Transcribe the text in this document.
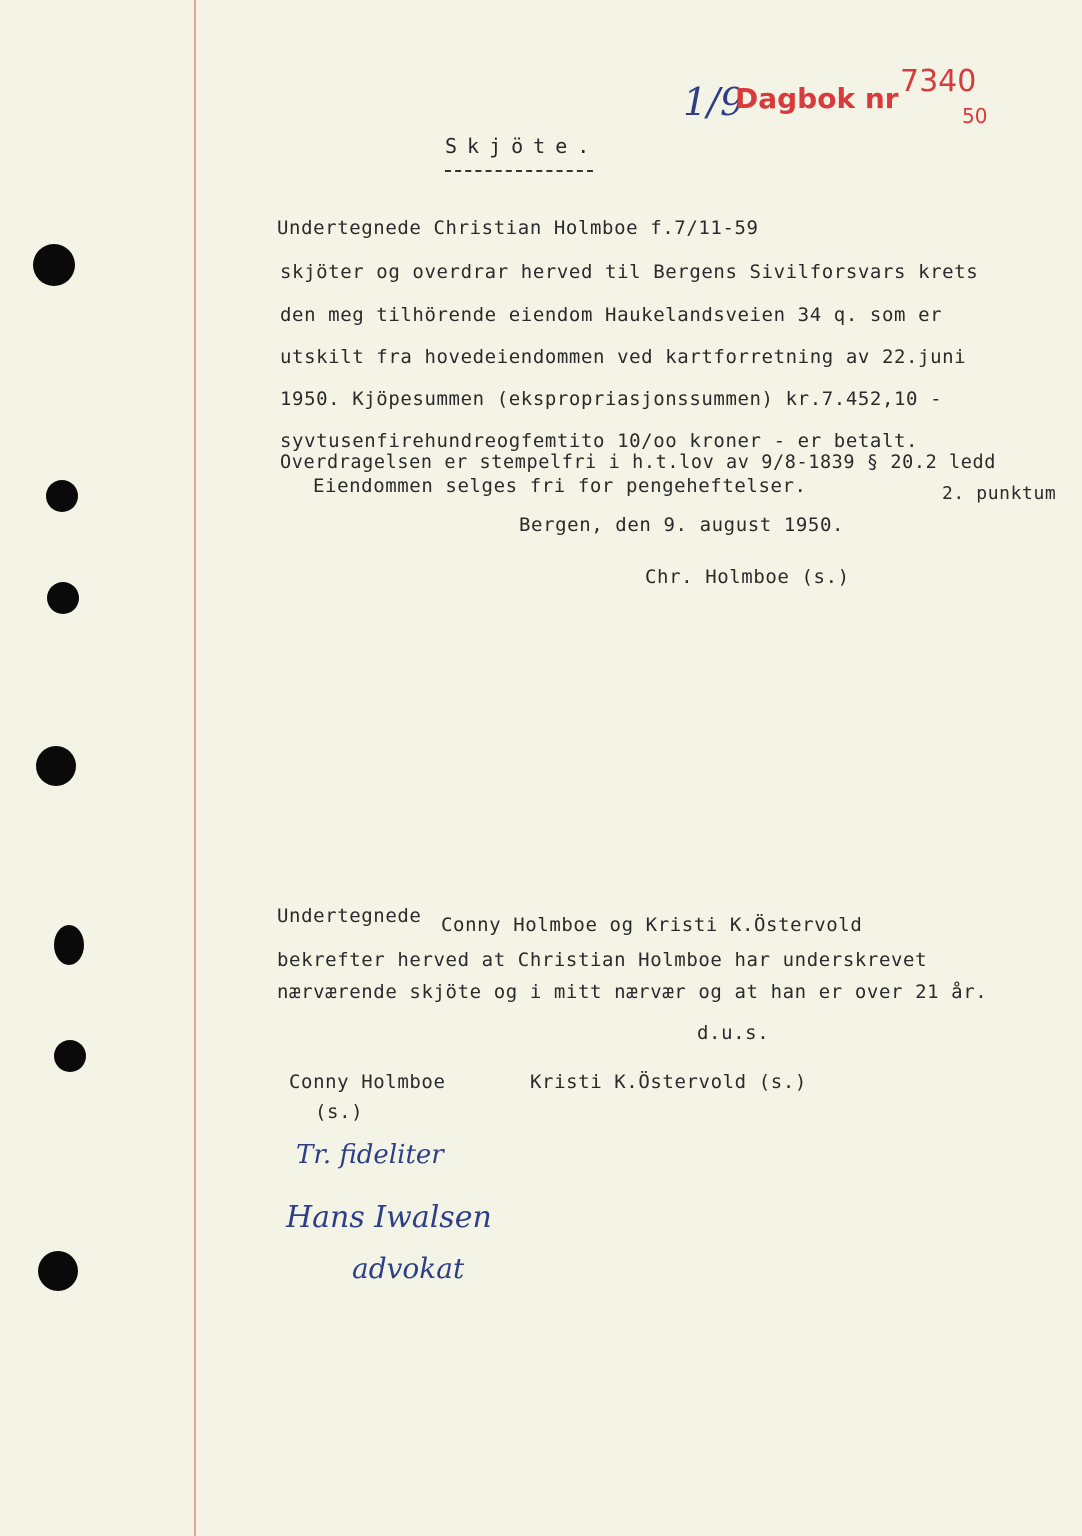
1/9
Dagbok nr 7340
50
Skjöte.
Undertegnede Christian Holmboe f.7/11-59
skjöter og overdrar herved til Bergens Sivilforsvars krets
den meg tilhörende eiendom Haukelandsveien 34 q. som er
utskilt fra hovedeiendommen ved kartforretning av 22.juni
1950. Kjöpesummen (ekspropriasjonssummen) kr.7.452,10 -
syvtusenfirehundreogfemtito 10/oo kroner - er betalt.
Overdragelsen er stempelfri i h.t.lov av 9/8-1839 § 20.2 ledd
Eiendommen selges fri for pengeheftelser.	2. punktum
Bergen, den 9. august 1950.
Chr. Holmboe (s.)
Undertegnede Conny Holmboe og Kristi K.Östervold
bekrefter herved at Christian Holmboe har underskrevet
nærværende skjöte og i mitt nærvær og at han er over 21 år.
d.u.s.
Conny Holmboe
(s.)
Kristi K.Östervold (s.)
Tr. fideliter
Hans Iwalsen
advokat
